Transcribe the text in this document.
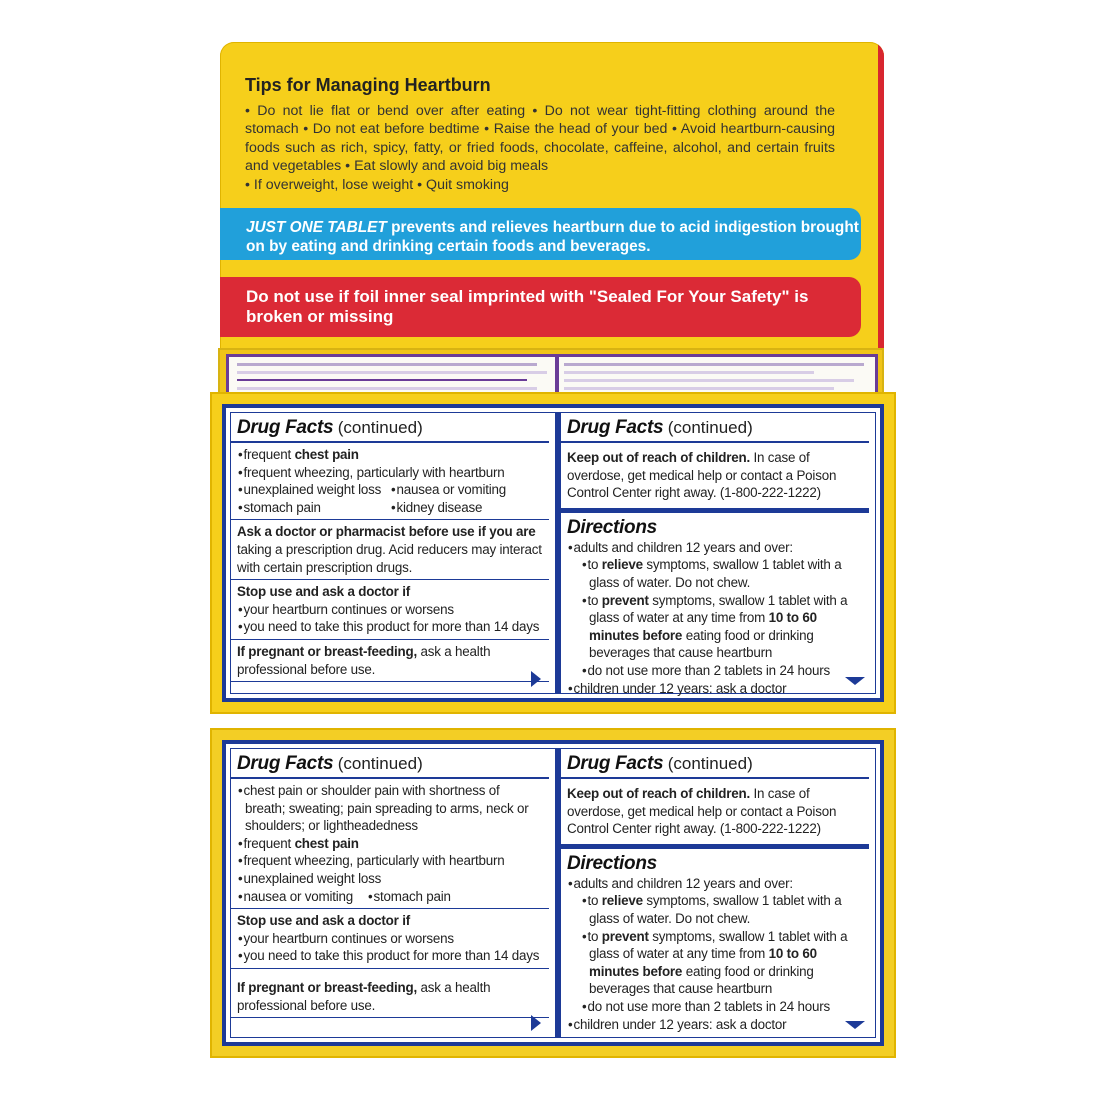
Tips for Managing Heartburn

• Do not lie flat or bend over after eating • Do not wear tight-fitting clothing around the stomach • Do not eat before bedtime • Raise the head of your bed • Avoid heartburn-causing foods such as rich, spicy, fatty, or fried foods, chocolate, caffeine, alcohol, and certain fruits and vegetables • Eat slowly and avoid big meals

• If overweight, lose weight • Quit smoking

JUST ONE TABLET prevents and relieves heartburn due to acid indigestion brought on by eating and drinking certain foods and beverages.
Do not use if foil inner seal imprinted with "Sealed For Your Safety" is broken or missing
Drug Facts (continued)
• frequent chest pain
• frequent wheezing, particularly with heartburn
• unexplained weight loss	• nausea or vomiting
• stomach pain	• kidney disease
Ask a doctor or pharmacist before use if you are
taking a prescription drug. Acid reducers may interact with certain prescription drugs.
Stop use and ask a doctor if
• your heartburn continues or worsens
• you need to take this product for more than 14 days
If pregnant or breast-feeding, ask a health professional before use.
Drug Facts (continued)
Keep out of reach of children. In case of overdose, get medical help or contact a Poison Control Center right away. (1-800-222-1222)
Directions
• adults and children 12 years and over:
• to relieve symptoms, swallow 1 tablet with a glass of water. Do not chew.
• to prevent symptoms, swallow 1 tablet with a glass of water at any time from 10 to 60 minutes before eating food or drinking beverages that cause heartburn
• do not use more than 2 tablets in 24 hours
• children under 12 years: ask a doctor
Drug Facts (continued)
• chest pain or shoulder pain with shortness of breath; sweating; pain spreading to arms, neck or shoulders; or lightheadedness
• frequent chest pain
• frequent wheezing, particularly with heartburn
• unexplained weight loss
• nausea or vomiting	• stomach pain
Stop use and ask a doctor if
• your heartburn continues or worsens
• you need to take this product for more than 14 days
If pregnant or breast-feeding, ask a health professional before use.
Drug Facts (continued)
Keep out of reach of children. In case of overdose, get medical help or contact a Poison Control Center right away. (1-800-222-1222)
Directions
• adults and children 12 years and over:
• to relieve symptoms, swallow 1 tablet with a glass of water. Do not chew.
• to prevent symptoms, swallow 1 tablet with a glass of water at any time from 10 to 60 minutes before eating food or drinking beverages that cause heartburn
• do not use more than 2 tablets in 24 hours
• children under 12 years: ask a doctor
